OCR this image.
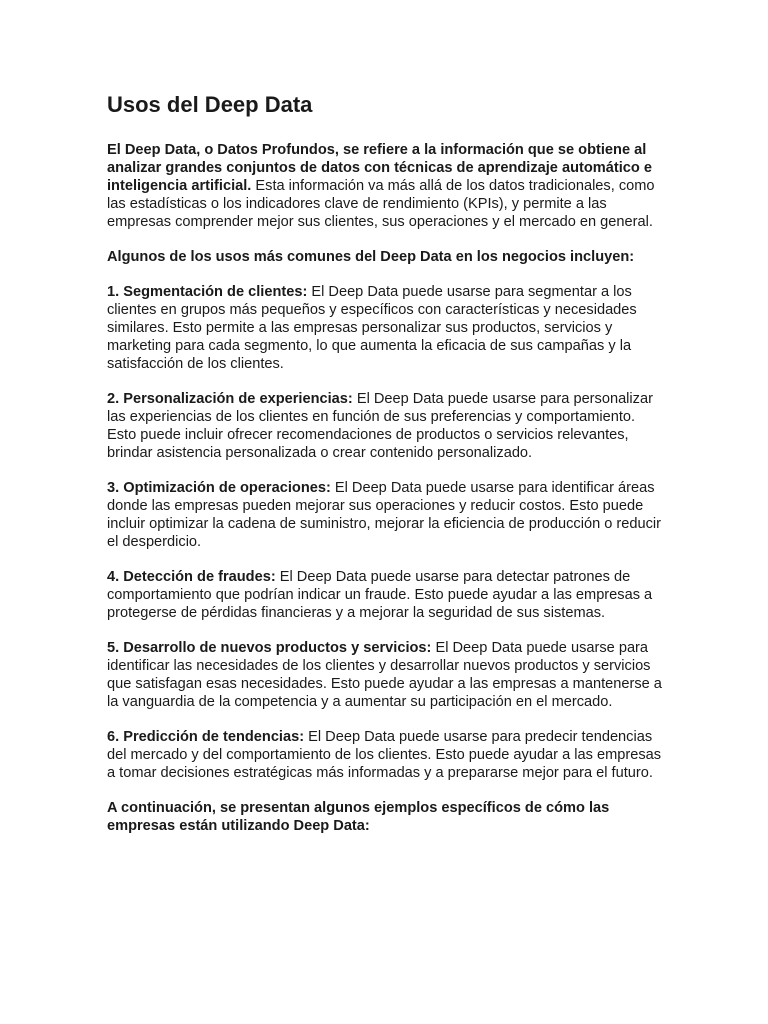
Usos del Deep Data

El Deep Data, o Datos Profundos, se refiere a la información que se obtiene al analizar grandes conjuntos de datos con técnicas de aprendizaje automático e inteligencia artificial. Esta información va más allá de los datos tradicionales, como las estadísticas o los indicadores clave de rendimiento (KPIs), y permite a las empresas comprender mejor sus clientes, sus operaciones y el mercado en general.

Algunos de los usos más comunes del Deep Data en los negocios incluyen:

1. Segmentación de clientes: El Deep Data puede usarse para segmentar a los clientes en grupos más pequeños y específicos con características y necesidades similares. Esto permite a las empresas personalizar sus productos, servicios y marketing para cada segmento, lo que aumenta la eficacia de sus campañas y la satisfacción de los clientes.

2. Personalización de experiencias: El Deep Data puede usarse para personalizar las experiencias de los clientes en función de sus preferencias y comportamiento. Esto puede incluir ofrecer recomendaciones de productos o servicios relevantes, brindar asistencia personalizada o crear contenido personalizado.

3. Optimización de operaciones: El Deep Data puede usarse para identificar áreas donde las empresas pueden mejorar sus operaciones y reducir costos. Esto puede incluir optimizar la cadena de suministro, mejorar la eficiencia de producción o reducir el desperdicio.

4. Detección de fraudes: El Deep Data puede usarse para detectar patrones de comportamiento que podrían indicar un fraude. Esto puede ayudar a las empresas a protegerse de pérdidas financieras y a mejorar la seguridad de sus sistemas.

5. Desarrollo de nuevos productos y servicios: El Deep Data puede usarse para identificar las necesidades de los clientes y desarrollar nuevos productos y servicios que satisfagan esas necesidades. Esto puede ayudar a las empresas a mantenerse a la vanguardia de la competencia y a aumentar su participación en el mercado.

6. Predicción de tendencias: El Deep Data puede usarse para predecir tendencias del mercado y del comportamiento de los clientes. Esto puede ayudar a las empresas a tomar decisiones estratégicas más informadas y a prepararse mejor para el futuro.

A continuación, se presentan algunos ejemplos específicos de cómo las empresas están utilizando Deep Data:
